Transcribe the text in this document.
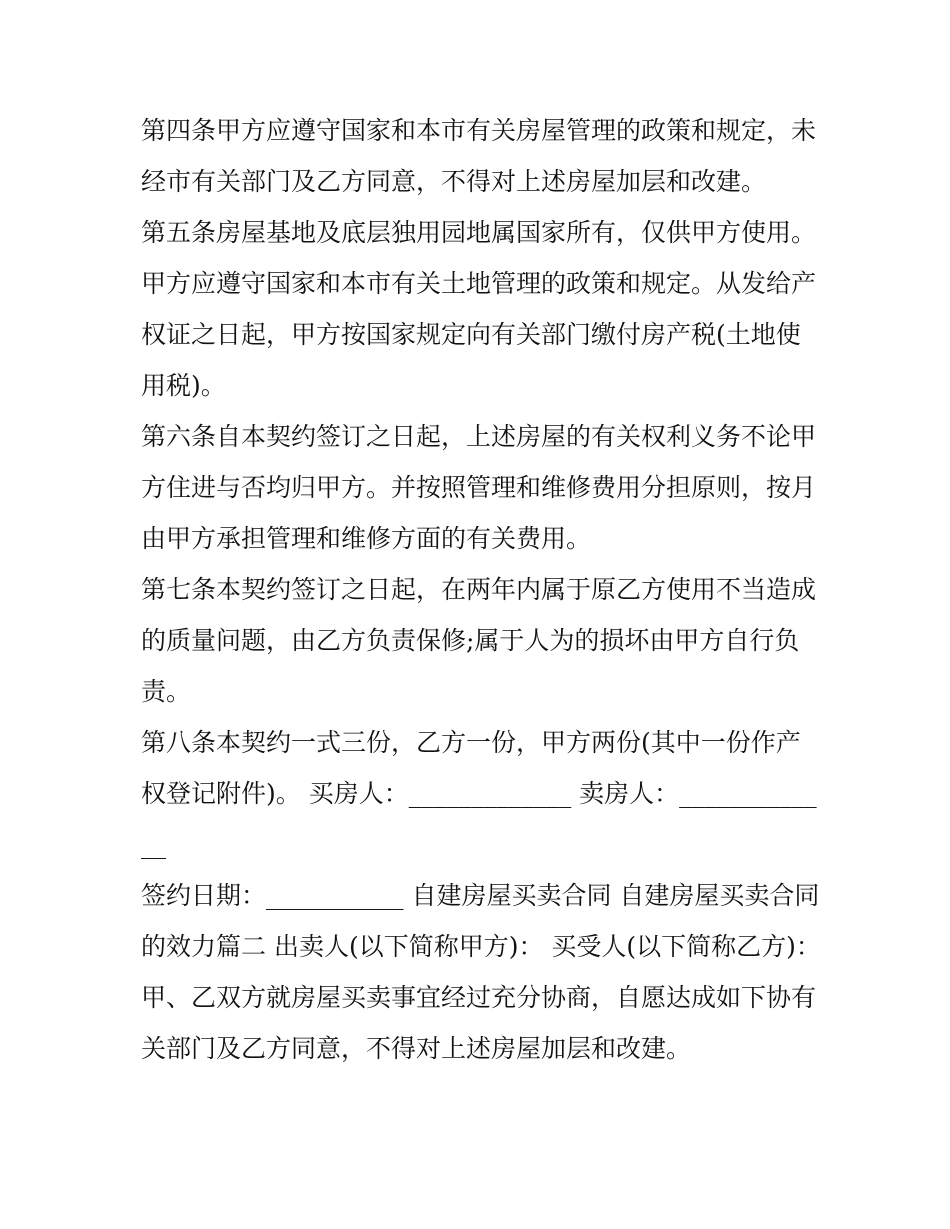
第四条甲方应遵守国家和本市有关房屋管理的政策和规定，未经市有关部门及乙方同意，不得对上述房屋加层和改建。

第五条房屋基地及底层独用园地属国家所有，仅供甲方使用。甲方应遵守国家和本市有关土地管理的政策和规定。从发给产权证之日起，甲方按国家规定向有关部门缴付房产税(土地使用税)。

第六条自本契约签订之日起，上述房屋的有关权利义务不论甲方住进与否均归甲方。并按照管理和维修费用分担原则，按月由甲方承担管理和维修方面的有关费用。

第七条本契约签订之日起，在两年内属于原乙方使用不当造成的质量问题，由乙方负责保修;属于人为的损坏由甲方自行负责。

第八条本契约一式三份，乙方一份，甲方两份(其中一份作产权登记附件)。 买房人：_____________ 卖房人：_____________

签约日期：___________ 自建房屋买卖合同 自建房屋买卖合同的效力篇二 出卖人(以下简称甲方)： 买受人(以下简称乙方)：

甲、乙双方就房屋买卖事宜经过充分协商，自愿达成如下协有关部门及乙方同意，不得对上述房屋加层和改建。
